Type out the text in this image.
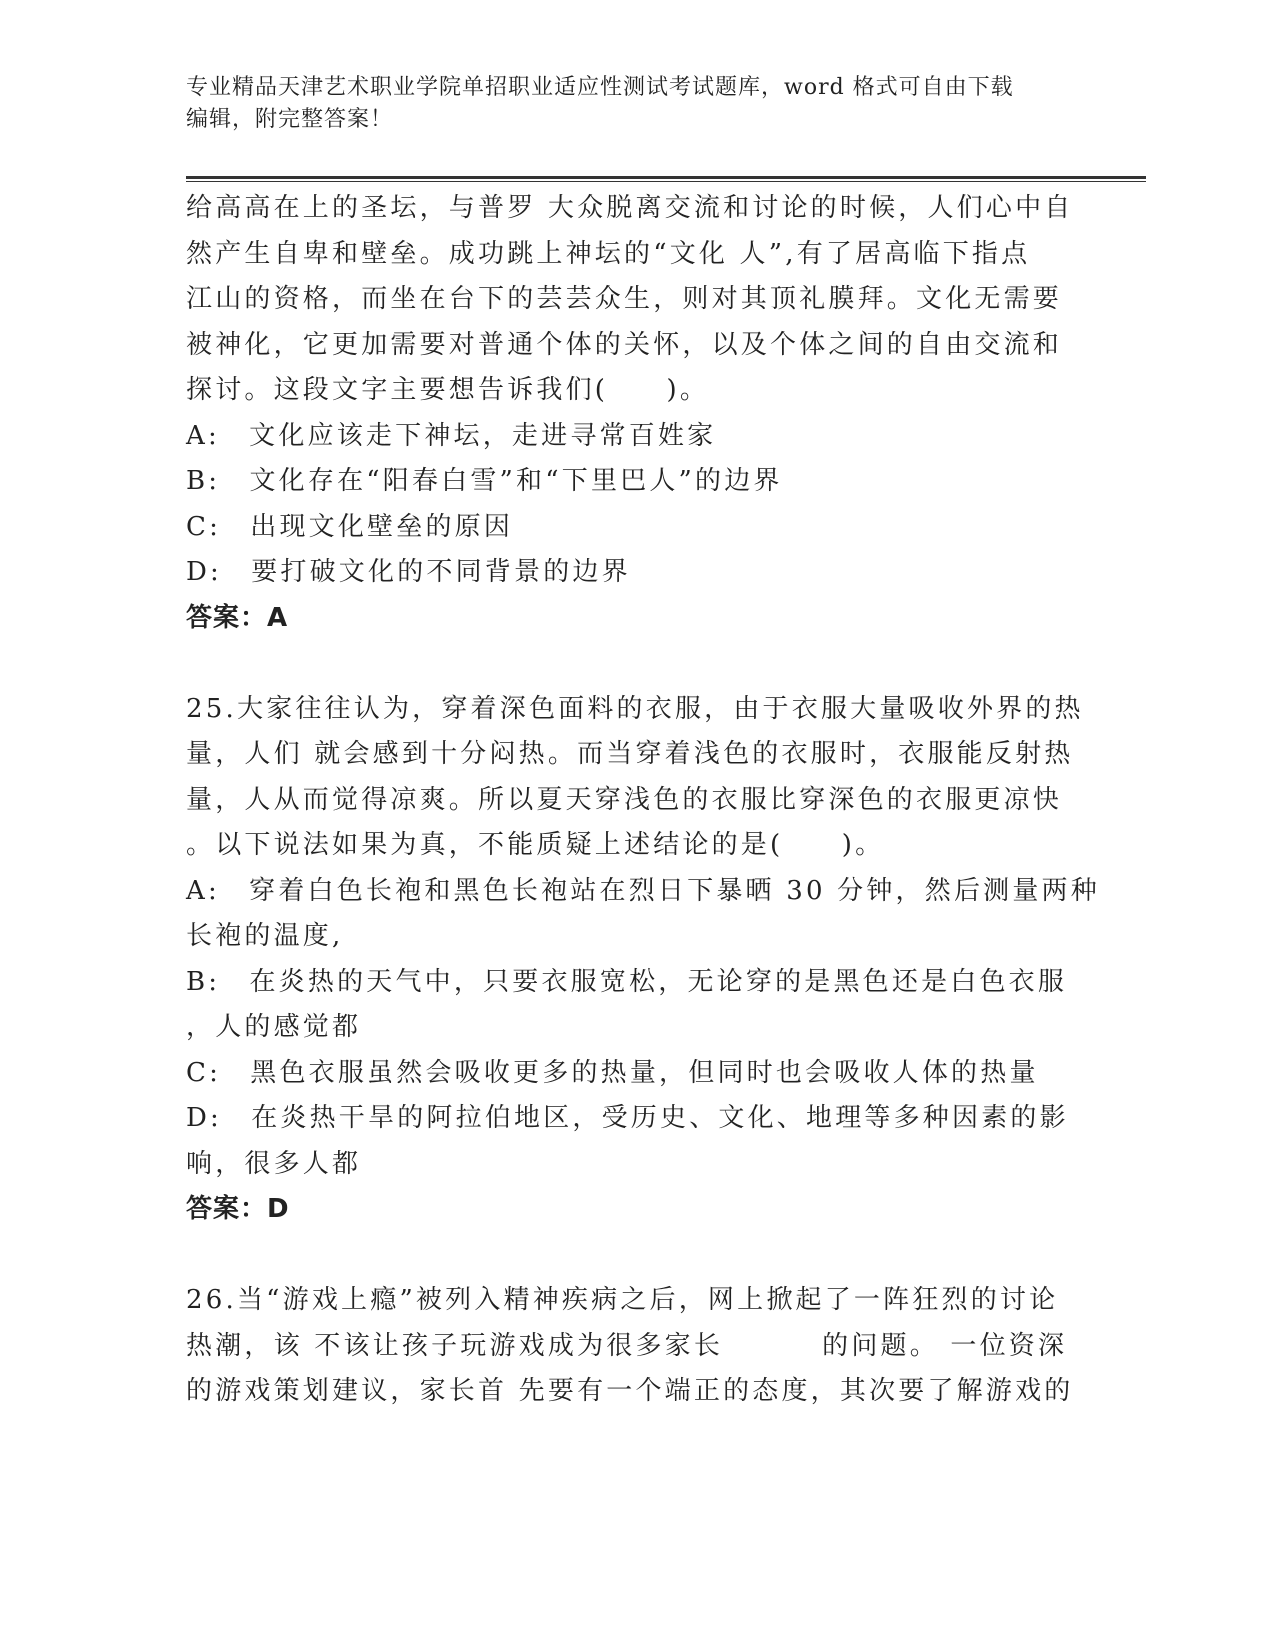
专业精品天津艺术职业学院单招职业适应性测试考试题库，word 格式可自由下载
编辑，附完整答案！
给高高在上的圣坛，与普罗 大众脱离交流和讨论的时候，人们心中自
然产生自卑和壁垒。成功跳上神坛的“文化 人”,有了居高临下指点
江山的资格，而坐在台下的芸芸众生，则对其顶礼膜拜。文化无需要
被神化，它更加需要对普通个体的关怀，以及个体之间的自由交流和
探讨。这段文字主要想告诉我们(　　)。
A:　文化应该走下神坛，走进寻常百姓家
B:　文化存在“阳春白雪”和“下里巴人”的边界
C:　出现文化壁垒的原因
D:　要打破文化的不同背景的边界
答案：A
25.大家往往认为，穿着深色面料的衣服，由于衣服大量吸收外界的热
量，人们 就会感到十分闷热。而当穿着浅色的衣服时，衣服能反射热
量，人从而觉得凉爽。所以夏天穿浅色的衣服比穿深色的衣服更凉快
。以下说法如果为真，不能质疑上述结论的是(　　)。
A:　穿着白色长袍和黑色长袍站在烈日下暴晒 30 分钟，然后测量两种
长袍的温度,
B:　在炎热的天气中，只要衣服宽松，无论穿的是黑色还是白色衣服
，人的感觉都
C:　黑色衣服虽然会吸收更多的热量，但同时也会吸收人体的热量
D:　在炎热干旱的阿拉伯地区，受历史、文化、地理等多种因素的影
响，很多人都
答案：D
26.当“游戏上瘾”被列入精神疾病之后，网上掀起了一阵狂烈的讨论
热潮，该 不该让孩子玩游戏成为很多家长　　　 的问题。 一位资深
的游戏策划建议，家长首 先要有一个端正的态度，其次要了解游戏的
